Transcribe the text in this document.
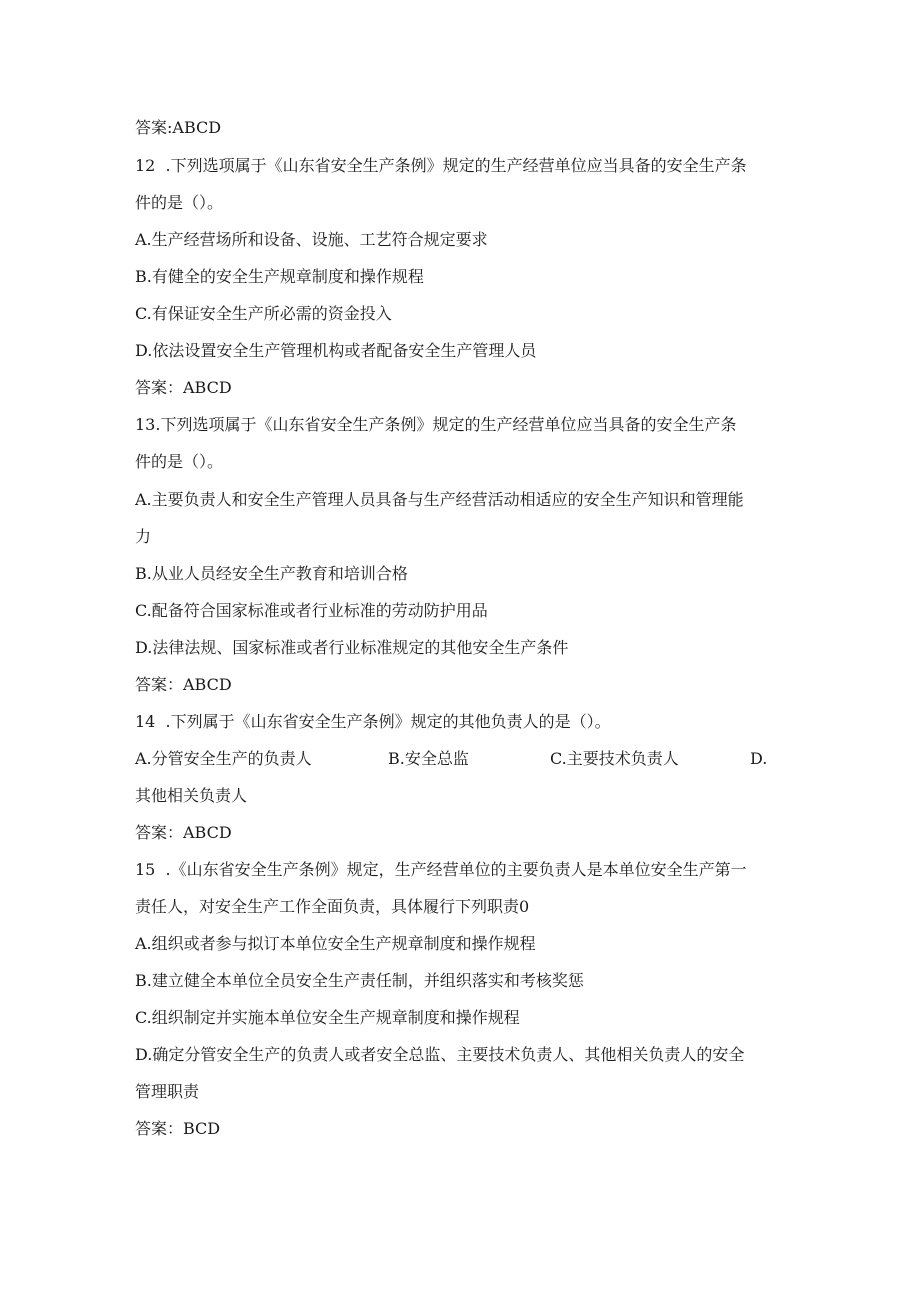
答案:ABCD
12  .下列选项属于《山东省安全生产条例》规定的生产经营单位应当具备的安全生产条
件的是（）。
A.生产经营场所和设备、设施、工艺符合规定要求
B.有健全的安全生产规章制度和操作规程
C.有保证安全生产所必需的资金投入
D.依法设置安全生产管理机构或者配备安全生产管理人员
答案：ABCD
13.下列选项属于《山东省安全生产条例》规定的生产经营单位应当具备的安全生产条
件的是（）。
A.主要负责人和安全生产管理人员具备与生产经营活动相适应的安全生产知识和管理能
力
B.从业人员经安全生产教育和培训合格
C.配备符合国家标准或者行业标准的劳动防护用品
D.法律法规、国家标准或者行业标准规定的其他安全生产条件
答案：ABCD
14  .下列属于《山东省安全生产条例》规定的其他负责人的是（）。
A.分管安全生产的负责人	B.安全总监	C.主要技术负责人	D.
其他相关负责人
答案：ABCD
15  .《山东省安全生产条例》规定，生产经营单位的主要负责人是本单位安全生产第一
责任人，对安全生产工作全面负责，具体履行下列职责0
A.组织或者参与拟订本单位安全生产规章制度和操作规程
B.建立健全本单位全员安全生产责任制，并组织落实和考核奖惩
C.组织制定并实施本单位安全生产规章制度和操作规程
D.确定分管安全生产的负责人或者安全总监、主要技术负责人、其他相关负责人的安全
管理职责
答案：BCD
